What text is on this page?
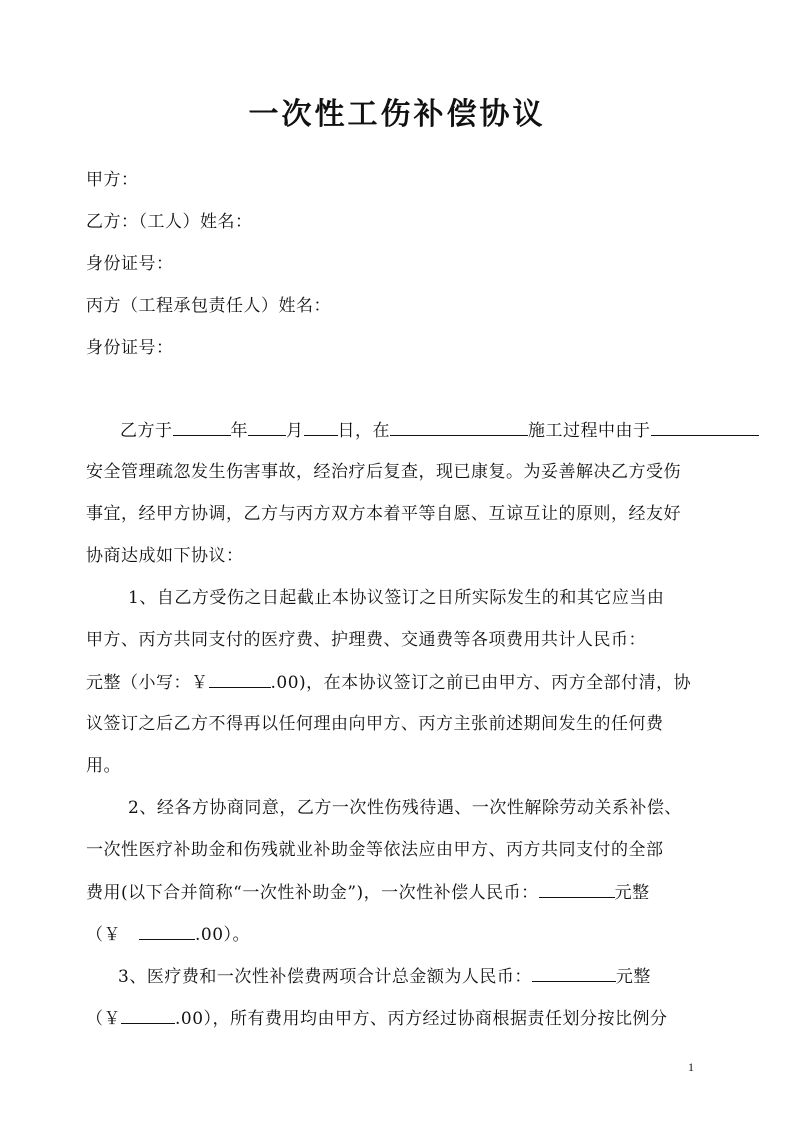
一次性工伤补偿协议
甲方：
乙方：（工人）姓名：
身份证号：
丙方（工程承包责任人）姓名：
身份证号：
乙方于	年 月 日，在	施工过程中由于
安全管理疏忽发生伤害事故，经治疗后复查，现已康复。为妥善解决乙方受伤
事宜，经甲方协调，乙方与丙方双方本着平等自愿、互谅互让的原则，经友好
协商达成如下协议：
1、自乙方受伤之日起截止本协议签订之日所实际发生的和其它应当由
甲方、丙方共同支付的医疗费、护理费、交通费等各项费用共计人民币：
元整（小写：￥	.00)，在本协议签订之前已由甲方、丙方全部付清，协
议签订之后乙方不得再以任何理由向甲方、丙方主张前述期间发生的任何费
用。
2、经各方协商同意，乙方一次性伤残待遇、一次性解除劳动关系补偿、
一次性医疗补助金和伤残就业补助金等依法应由甲方、丙方共同支付的全部
费用(以下合并简称“一次性补助金”)，一次性补偿人民币：	元整
（￥	.00）。
3、医疗费和一次性补偿费两项合计总金额为人民币：	元整
（￥	.00），所有费用均由甲方、丙方经过协商根据责任划分按比例分
1
